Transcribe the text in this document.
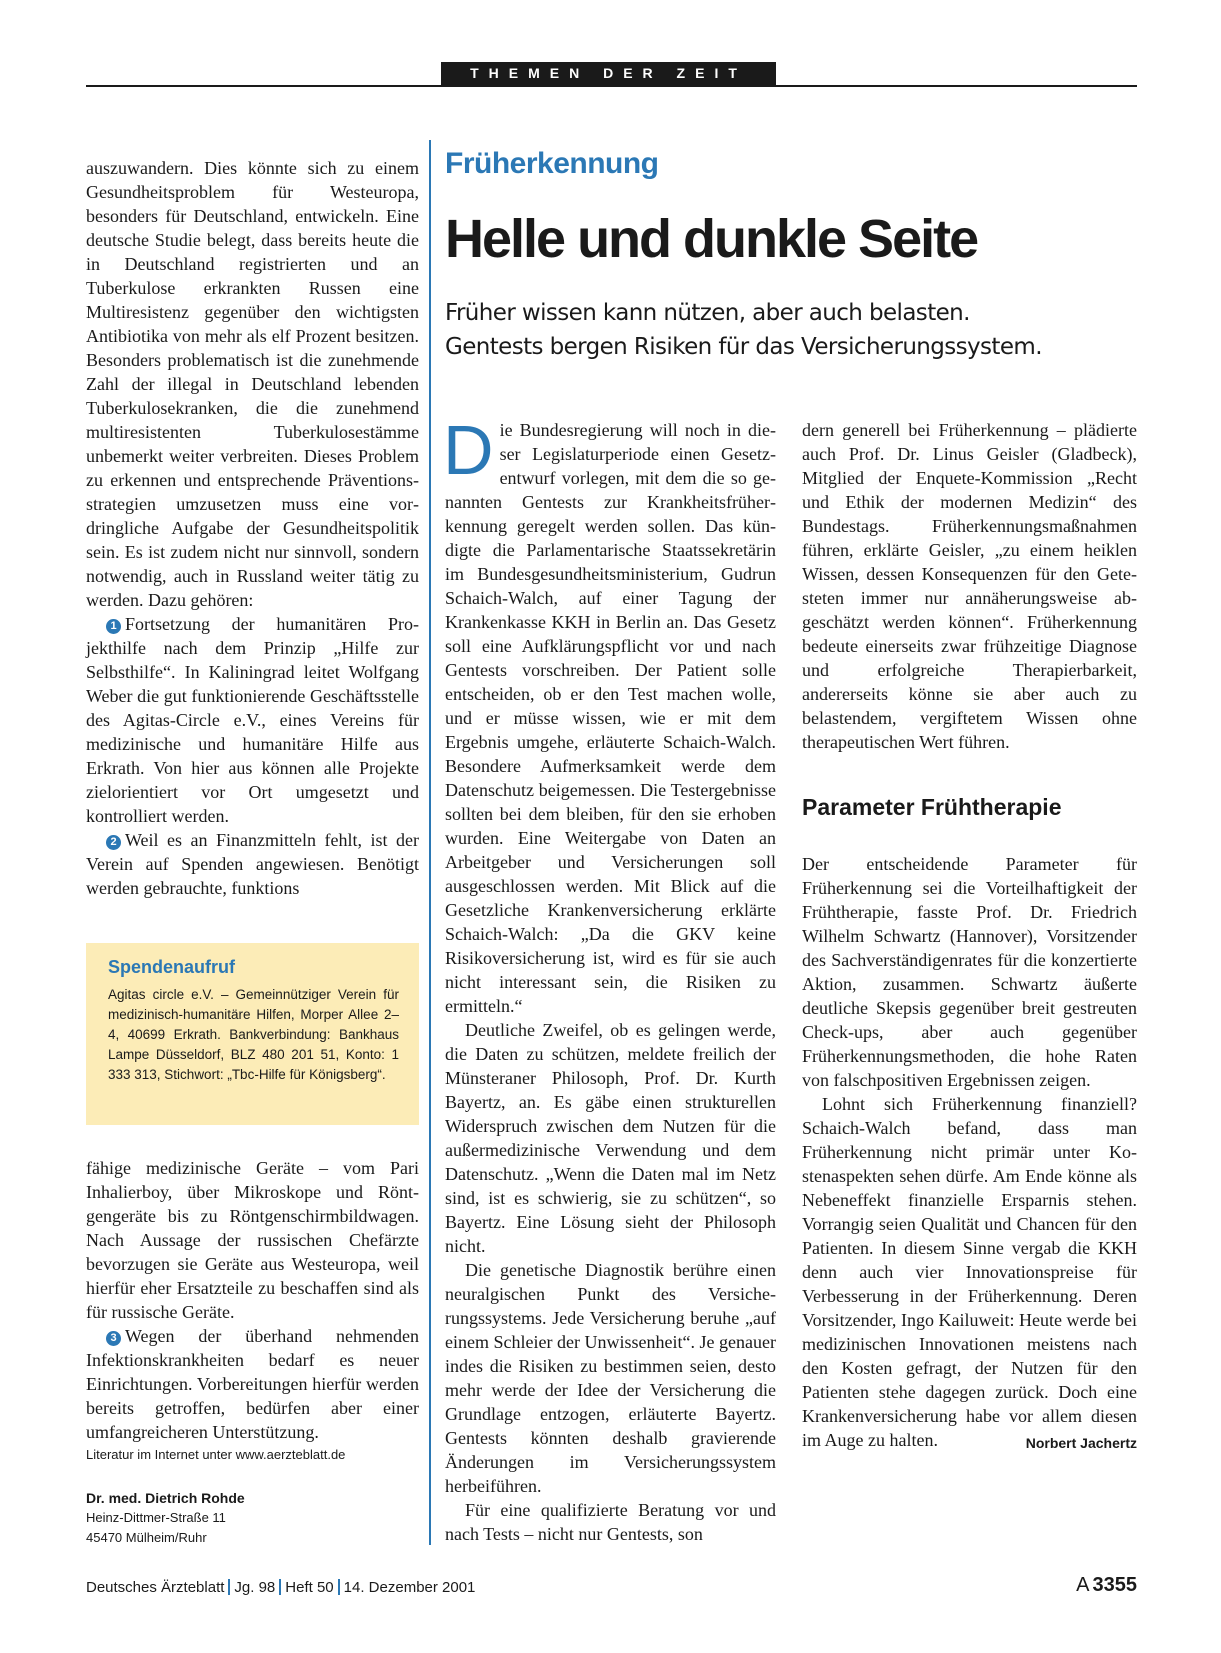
THEMEN DER ZEIT

auszuwandern. Dies könnte sich zu einem Gesundheitsproblem für Westeuropa, besonders für Deutschland, entwickeln. Eine deutsche Studie belegt, dass bereits heute die in Deutschland registrierten und an Tuberkulose erkrankten Russen eine Multiresistenz gegenüber den wichtigsten Antibiotika von mehr als elf Prozent besitzen. Besonders problematisch ist die zunehmende Zahl der illegal in Deutschland lebenden Tuberkulosekranken, die die zunehmend multiresistenten Tuberkulosestämme unbemerkt weiter verbreiten. Dieses Problem zu erkennen und entsprechende Präventionsstrategien umzusetzen muss eine vordringliche Aufgabe der Gesundheitspolitik sein. Es ist zudem nicht nur sinnvoll, sondern notwendig, auch in Russland weiter tätig zu werden. Dazu gehören:

1 Fortsetzung der humanitären Projekthilfe nach dem Prinzip „Hilfe zur Selbsthilfe“. In Kaliningrad leitet Wolfgang Weber die gut funktionierende Geschäftsstelle des Agitas-Circle e.V., eines Vereins für medizinische und humanitäre Hilfe aus Erkrath. Von hier aus können alle Projekte zielorientiert vor Ort umgesetzt und kontrolliert werden.

2 Weil es an Finanzmitteln fehlt, ist der Verein auf Spenden angewiesen. Benötigt werden gebrauchte, funktions

Spendenaufruf
Agitas circle e.V. – Gemeinnütziger Verein für medizinisch-humanitäre Hilfen, Morper Allee 2–4, 40699 Erkrath. Bankverbindung: Bankhaus Lampe Düsseldorf, BLZ 480 201 51, Konto: 1 333 313, Stichwort: „Tbc-Hilfe für Königsberg“.

fähige medizinische Geräte – vom Pari Inhalierboy, über Mikroskope und Röntgengeräte bis zu Röntgenschirmbildwagen. Nach Aussage der russischen Chefärzte bevorzugen sie Geräte aus Westeuropa, weil hierfür eher Ersatzteile zu beschaffen sind als für russische Geräte.

3 Wegen der überhand nehmenden Infektionskrankheiten bedarf es neuer Einrichtungen. Vorbereitungen hierfür werden bereits getroffen, bedürfen aber einer umfangreicheren Unterstützung.

Literatur im Internet unter www.aerzteblatt.de
Dr. med. Dietrich Rohde
Heinz-Dittmer-Straße 11
45470 Mülheim/Ruhr
Früherkennung
Helle und dunkle Seite
Früher wissen kann nützen, aber auch belasten.
Gentests bergen Risiken für das Versicherungssystem.

Die Bundesregierung will noch in dieser Legislaturperiode einen Gesetzentwurf vorlegen, mit dem die so genannten Gentests zur Krankheitsfrüherkennung geregelt werden sollen. Das kündigte die Parlamentarische Staatssekretärin im Bundesgesundheitsministerium, Gudrun Schaich-Walch, auf einer Tagung der Krankenkasse KKH in Berlin an. Das Gesetz soll eine Aufklärungspflicht vor und nach Gentests vorschreiben. Der Patient solle entscheiden, ob er den Test machen wolle, und er müsse wissen, wie er mit dem Ergebnis umgehe, erläuterte Schaich-Walch. Besondere Aufmerksamkeit werde dem Datenschutz beigemessen. Die Testergebnisse sollten bei dem bleiben, für den sie erhoben wurden. Eine Weitergabe von Daten an Arbeitgeber und Versicherungen soll ausgeschlossen werden. Mit Blick auf die Gesetzliche Krankenversicherung erklärte Schaich-Walch: „Da die GKV keine Risikoversicherung ist, wird es für sie auch nicht interessant sein, die Risiken zu ermitteln.“

Deutliche Zweifel, ob es gelingen werde, die Daten zu schützen, meldete freilich der Münsteraner Philosoph, Prof. Dr. Kurth Bayertz, an. Es gäbe einen strukturellen Widerspruch zwischen dem Nutzen für die außermedizinische Verwendung und dem Datenschutz. „Wenn die Daten mal im Netz sind, ist es schwierig, sie zu schützen“, so Bayertz. Eine Lösung sieht der Philosoph nicht.

Die genetische Diagnostik berühre einen neuralgischen Punkt des Versicherungssystems. Jede Versicherung beruhe „auf einem Schleier der Unwissenheit“. Je genauer indes die Risiken zu bestimmen seien, desto mehr werde der Idee der Versicherung die Grundlage entzogen, erläuterte Bayertz. Gentests könnten deshalb gravierende Änderungen im Versicherungssystem herbeiführen.

Für eine qualifizierte Beratung vor und nach Tests – nicht nur Gentests, son

dern generell bei Früherkennung – plädierte auch Prof. Dr. Linus Geisler (Gladbeck), Mitglied der Enquete-Kommission „Recht und Ethik der modernen Medizin“ des Bundestags. Früherkennungsmaßnahmen führen, erklärte Geisler, „zu einem heiklen Wissen, dessen Konsequenzen für den Getesteten immer nur annäherungsweise abgeschätzt werden können“. Früherkennung bedeute einerseits zwar frühzeitige Diagnose und erfolgreiche Therapierbarkeit, andererseits könne sie aber auch zu belastendem, vergiftetem Wissen ohne therapeutischen Wert führen.

Parameter Frühtherapie

Der entscheidende Parameter für Früherkennung sei die Vorteilhaftigkeit der Frühtherapie, fasste Prof. Dr. Friedrich Wilhelm Schwartz (Hannover), Vorsitzender des Sachverständigenrates für die konzertierte Aktion, zusammen. Schwartz äußerte deutliche Skepsis gegenüber breit gestreuten Check-ups, aber auch gegenüber Früherkennungsmethoden, die hohe Raten von falschpositiven Ergebnissen zeigen.

Lohnt sich Früherkennung finanziell? Schaich-Walch befand, dass man Früherkennung nicht primär unter Kostenaspekten sehen dürfe. Am Ende könne als Nebeneffekt finanzielle Ersparnis stehen. Vorrangig seien Qualität und Chancen für den Patienten. In diesem Sinne vergab die KKH denn auch vier Innovationspreise für Verbesserung in der Früherkennung. Deren Vorsitzender, Ingo Kailuweit: Heute werde bei medizinischen Innovationen meistens nach den Kosten gefragt, der Nutzen für den Patienten stehe dagegen zurück. Doch eine Krankenversicherung habe vor allem diesen im Auge zu halten.	Norbert Jachertz

Deutsches Ärzteblatt Jg. 98 Heft 50 14. Dezember 2001	A 3355
